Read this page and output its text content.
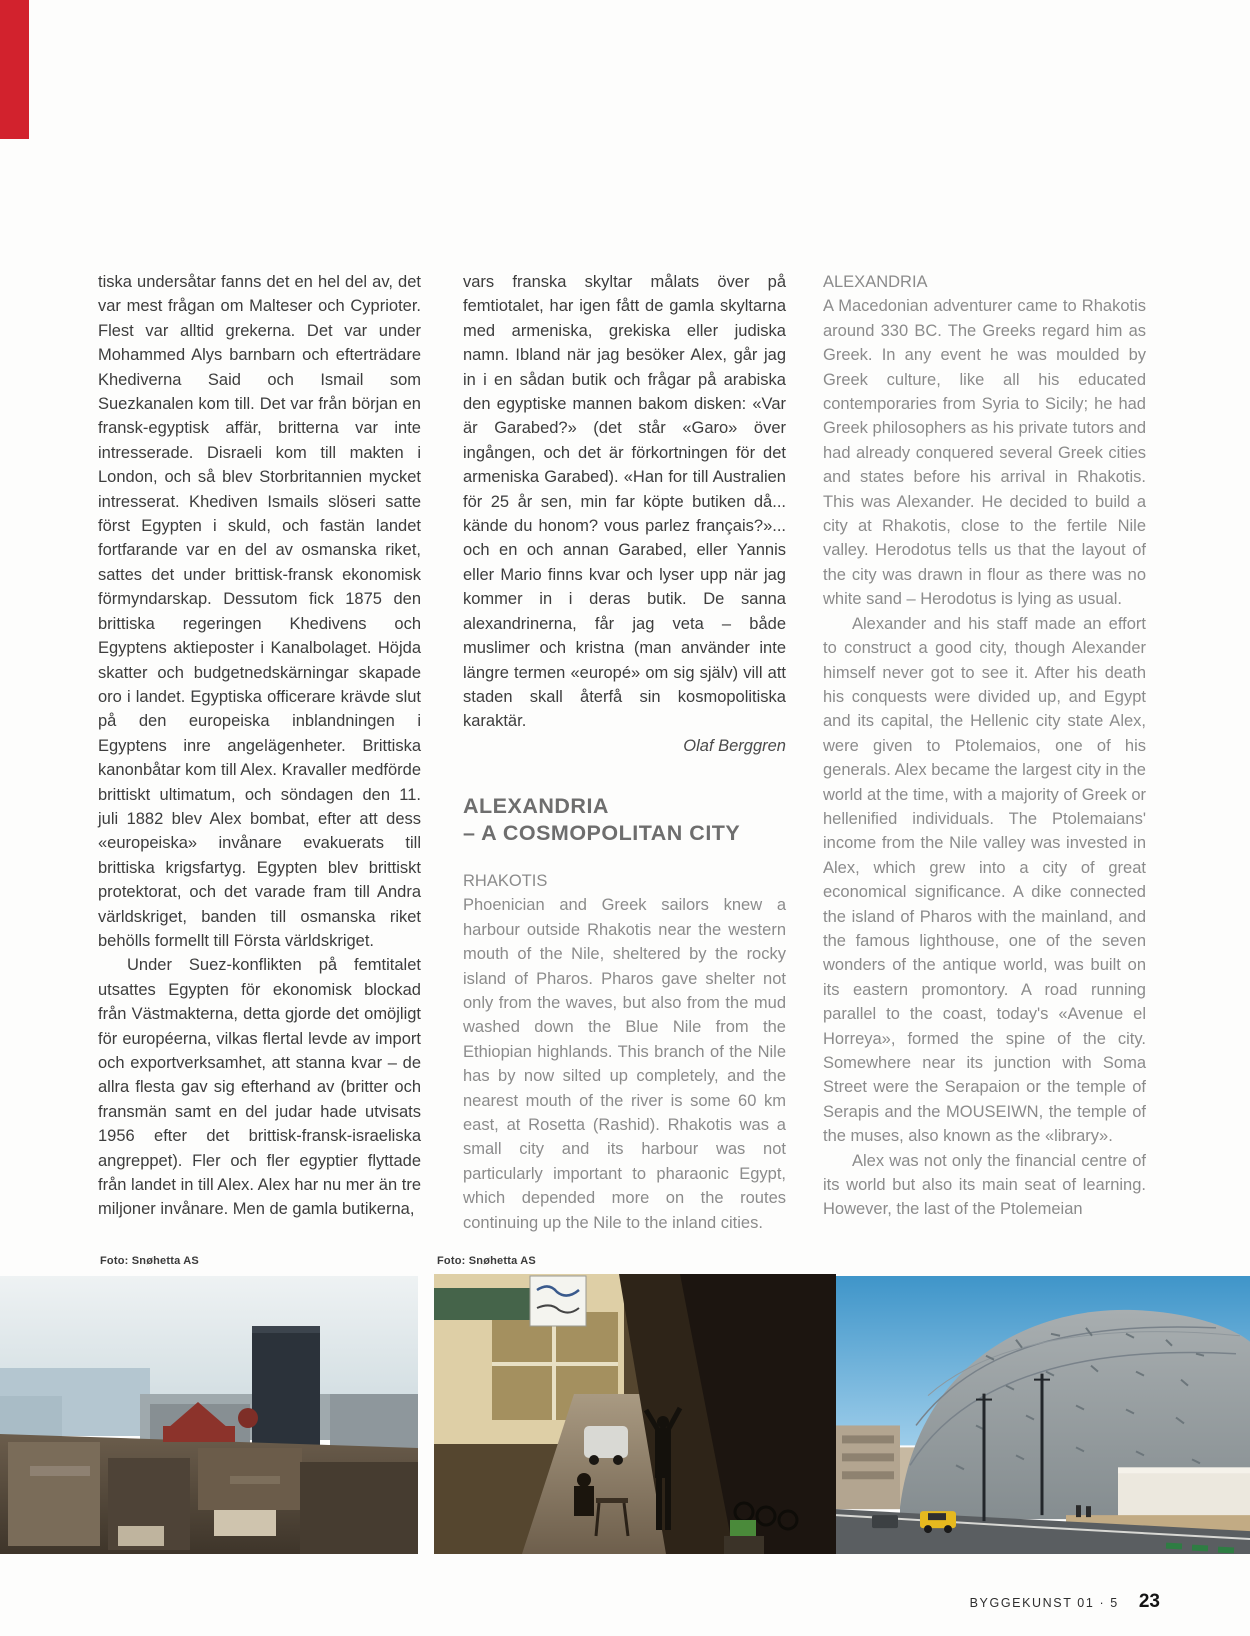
tiska undersåtar fanns det en hel del av, det var mest frågan om Malteser och Cyprioter. Flest var alltid grekerna. Det var under Mohammed Alys barnbarn och efterträdare Khediverna Said och Ismail som Suezkanalen kom till. Det var från början en fransk-egyptisk affär, britterna var inte intresserade. Disraeli kom till makten i London, och så blev Storbritannien mycket intresserat. Khediven Ismails slöseri satte först Egypten i skuld, och fastän landet fortfarande var en del av osmanska riket, sattes det under brittisk-fransk ekonomisk förmyndarskap. Dessutom fick 1875 den brittiska regeringen Khedivens och Egyptens aktieposter i Kanalbolaget. Höjda skatter och budgetnedskärningar skapade oro i landet. Egyptiska officerare krävde slut på den europeiska inblandningen i Egyptens inre angelägenheter. Brittiska kanonbåtar kom till Alex. Kravaller medförde brittiskt ultimatum, och söndagen den 11. juli 1882 blev Alex bombat, efter att dess «europeiska» invånare evakuerats till brittiska krigsfartyg. Egypten blev brittiskt protektorat, och det varade fram till Andra världskriget, banden till osmanska riket behölls formellt till Första världskriget.

Under Suez-konflikten på femtitalet utsattes Egypten för ekonomisk blockad från Västmakterna, detta gjorde det omöjligt för européerna, vilkas flertal levde av import och exportverksamhet, att stanna kvar – de allra flesta gav sig efterhand av (britter och fransmän samt en del judar hade utvisats 1956 efter det brittisk-fransk-israeliska angreppet). Fler och fler egyptier flyttade från landet in till Alex. Alex har nu mer än tre miljoner invånare. Men de gamla butikerna,

vars franska skyltar målats över på femtiotalet, har igen fått de gamla skyltarna med armeniska, grekiska eller judiska namn. Ibland när jag besöker Alex, går jag in i en sådan butik och frågar på arabiska den egyptiske mannen bakom disken: «Var är Garabed?» (det står «Garo» över ingången, och det är förkortningen för det armeniska Garabed). «Han for till Australien för 25 år sen, min far köpte butiken då... kände du honom? vous parlez français?»... och en och annan Garabed, eller Yannis eller Mario finns kvar och lyser upp när jag kommer in i deras butik. De sanna alexandrinerna, får jag veta – både muslimer och kristna (man använder inte längre termen «europé» om sig själv) vill att staden skall återfå sin kosmopolitiska karaktär.

Olaf Berggren

ALEXANDRIA
– A COSMOPOLITAN CITY
RHAKOTIS

Phoenician and Greek sailors knew a harbour outside Rhakotis near the western mouth of the Nile, sheltered by the rocky island of Pharos. Pharos gave shelter not only from the waves, but also from the mud washed down the Blue Nile from the Ethiopian highlands. This branch of the Nile has by now silted up completely, and the nearest mouth of the river is some 60 km east, at Rosetta (Rashid). Rhakotis was a small city and its harbour was not particularly important to pharaonic Egypt, which depended more on the routes continuing up the Nile to the inland cities.

ALEXANDRIA

A Macedonian adventurer came to Rhakotis around 330 BC. The Greeks regard him as Greek. In any event he was moulded by Greek culture, like all his educated contemporaries from Syria to Sicily; he had Greek philosophers as his private tutors and had already conquered several Greek cities and states before his arrival in Rhakotis. This was Alexander. He decided to build a city at Rhakotis, close to the fertile Nile valley. Herodotus tells us that the layout of the city was drawn in flour as there was no white sand – Herodotus is lying as usual.

Alexander and his staff made an effort to construct a good city, though Alexander himself never got to see it. After his death his conquests were divided up, and Egypt and its capital, the Hellenic city state Alex, were given to Ptolemaios, one of his generals. Alex became the largest city in the world at the time, with a majority of Greek or hellenified individuals. The Ptolemaians' income from the Nile valley was invested in Alex, which grew into a city of great economical significance. A dike connected the island of Pharos with the mainland, and the famous lighthouse, one of the seven wonders of the antique world, was built on its eastern promontory. A road running parallel to the coast, today's «Avenue el Horreya», formed the spine of the city. Somewhere near its junction with Soma Street were the Serapaion or the temple of Serapis and the MOUSEIWN, the temple of the muses, also known as the «library».

Alex was not only the financial centre of its world but also its main seat of learning. However, the last of the Ptolemeian

Foto: Snøhetta AS	Foto: Snøhetta AS
BYGGEKUNST 01 · 5 23
